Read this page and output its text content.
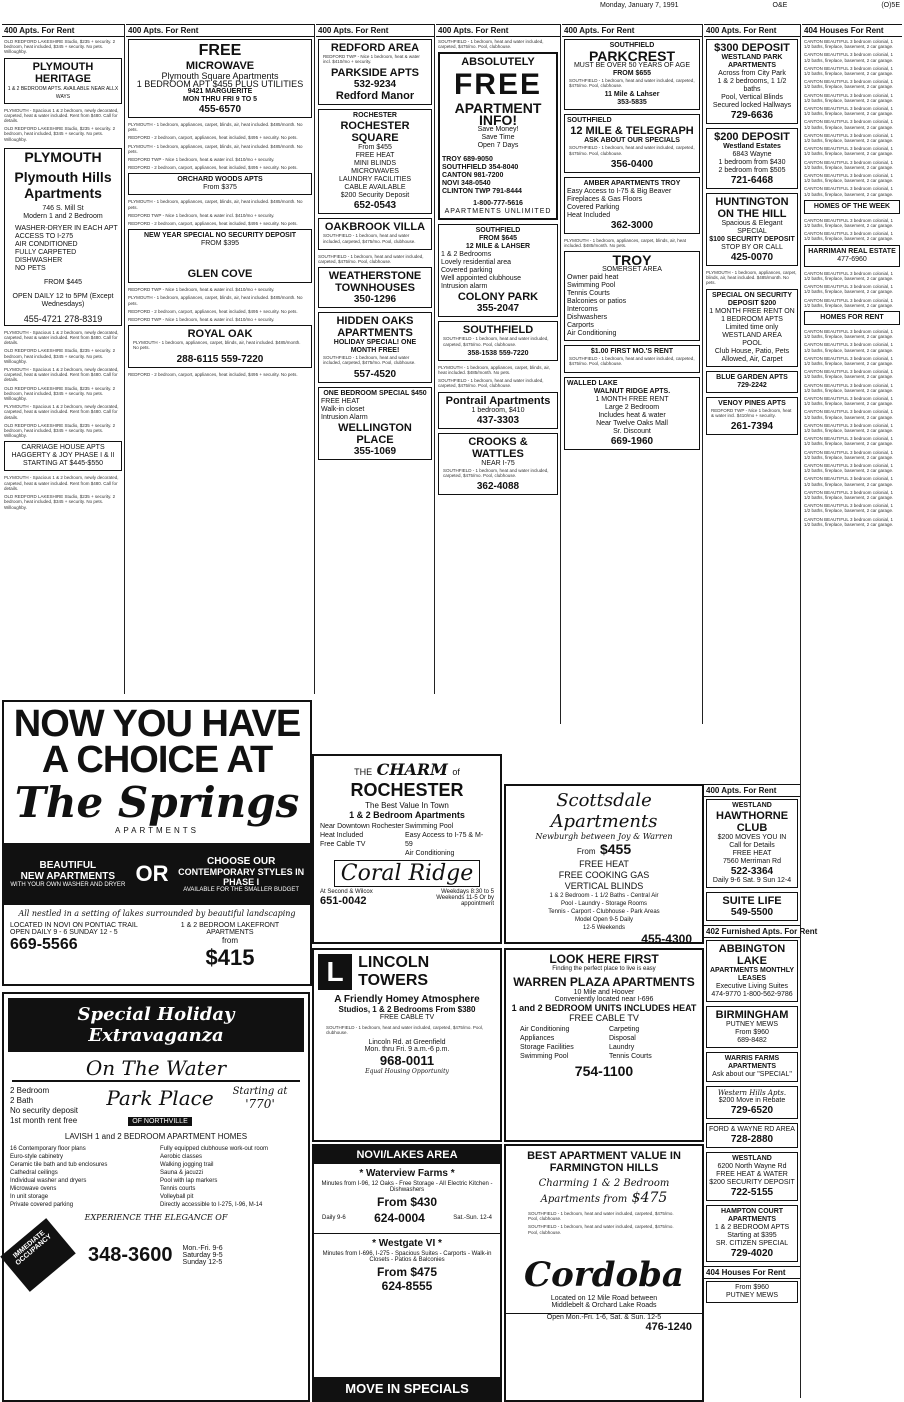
Monday, January 7, 1991	O&E	(O)5E
400 Apts. For Rent

OLD REDFORD LAKESHIRE Studio, $235 + security. 2 bedroom, heat included, $345 + security. No pets. Willoughby.

PLYMOUTH HERITAGE
1 & 2 BEDROOM APTS. AVAILABLE NEAR ALLX WAYS

PLYMOUTH - Spacious 1 & 2 bedroom, newly decorated, carpeted, heat & water included. Rent from $480. Call for details.

OLD REDFORD LAKESHIRE Studio, $235 + security. 2 bedroom, heat included, $345 + security. No pets. Willoughby.

PLYMOUTH
Plymouth Hills Apartments
746 S. Mill St
Modern 1 and 2 Bedroom
WASHER-DRYER IN EACH APT
ACCESS TO I-275
AIR CONDITIONED
FULLY CARPETED
DISHWASHER
NO PETS
FROM $445
OPEN DAILY 12 to 5PM (Except Wednesdays)
455-4721 278-8319

PLYMOUTH - Spacious 1 & 2 bedroom, newly decorated, carpeted, heat & water included. Rent from $480. Call for details.

OLD REDFORD LAKESHIRE Studio, $235 + security. 2 bedroom, heat included, $345 + security. No pets. Willoughby.

PLYMOUTH - Spacious 1 & 2 bedroom, newly decorated, carpeted, heat & water included. Rent from $480. Call for details.

OLD REDFORD LAKESHIRE Studio, $235 + security. 2 bedroom, heat included, $345 + security. No pets. Willoughby.

PLYMOUTH - Spacious 1 & 2 bedroom, newly decorated, carpeted, heat & water included. Rent from $480. Call for details.

OLD REDFORD LAKESHIRE Studio, $235 + security. 2 bedroom, heat included, $345 + security. No pets. Willoughby.

CARRIAGE HOUSE APTS HAGGERTY & JOY PHASE I & II STARTING AT $445-$550

PLYMOUTH - Spacious 1 & 2 bedroom, newly decorated, carpeted, heat & water included. Rent from $480. Call for details.

OLD REDFORD LAKESHIRE Studio, $235 + security. 2 bedroom, heat included, $345 + security. No pets. Willoughby.

400 Apts. For Rent
FREE
MICROWAVE
Plymouth Square Apartments
1 BEDROOM APT $455 PLUS UTILITIES
9421 MARGUERITE
MON THRU FRI 9 TO 5
455-6570

PLYMOUTH - 1 bedroom, appliances, carpet, blinds, air, heat included. $485/month. No pets.

REDFORD - 2 bedroom, carport, appliances, heat included, $495 + security. No pets.

PLYMOUTH - 1 bedroom, appliances, carpet, blinds, air, heat included. $485/month. No pets.

REDFORD TWP - Nice 1 bedroom, heat & water incl. $410/mo + security.

REDFORD - 2 bedroom, carport, appliances, heat included, $495 + security. No pets.

ORCHARD WOODS APTS
From $375

PLYMOUTH - 1 bedroom, appliances, carpet, blinds, air, heat included. $485/month. No pets.

REDFORD TWP - Nice 1 bedroom, heat & water incl. $410/mo + security.

REDFORD - 2 bedroom, carport, appliances, heat included, $495 + security. No pets.

NEW YEAR SPECIAL NO SECURITY DEPOSIT
FROM $395
GLEN COVE

REDFORD TWP - Nice 1 bedroom, heat & water incl. $410/mo + security.

PLYMOUTH - 1 bedroom, appliances, carpet, blinds, air, heat included. $485/month. No pets.

REDFORD - 2 bedroom, carport, appliances, heat included, $495 + security. No pets.

REDFORD TWP - Nice 1 bedroom, heat & water incl. $410/mo + security.

ROYAL OAK

PLYMOUTH - 1 bedroom, appliances, carpet, blinds, air, heat included. $485/month. No pets.

288-6115 559-7220

REDFORD - 2 bedroom, carport, appliances, heat included, $495 + security. No pets.

400 Apts. For Rent
REDFORD AREA

REDFORD TWP - Nice 1 bedroom, heat & water incl. $410/mo + security.

PARKSIDE APTS
532-9234
Redford Manor
ROCHESTER
ROCHESTER SQUARE
From $455
FREE HEAT
MINI BLINDS
MICROWAVES
LAUNDRY FACILITIES
CABLE AVAILABLE
$200 Security Deposit
652-0543
OAKBROOK VILLA

SOUTHFIELD - 1 bedroom, heat and water included, carpeted, $475/mo. Pool, clubhouse.

SOUTHFIELD - 1 bedroom, heat and water included, carpeted, $475/mo. Pool, clubhouse.

WEATHERSTONE TOWNHOUSES
350-1296
HIDDEN OAKS APARTMENTS
HOLIDAY SPECIAL! ONE MONTH FREE!

SOUTHFIELD - 1 bedroom, heat and water included, carpeted, $475/mo. Pool, clubhouse.

557-4520
ONE BEDROOM SPECIAL $450
FREE HEAT
Walk-in closet
Intrusion Alarm
WELLINGTON PLACE
355-1069
400 Apts. For Rent

SOUTHFIELD - 1 bedroom, heat and water included, carpeted, $475/mo. Pool, clubhouse.

ABSOLUTELY
FREE
APARTMENT
INFO!
Save Money!
Save Time
Open 7 Days
TROY 689-9050
SOUTHFIELD 354-8040
CANTON 981-7200
NOVI 348-0540
CLINTON TWP 791-8444
1-800-777-5616
APARTMENTS UNLIMITED
SOUTHFIELD
FROM $645
12 MILE & LAHSER
1 & 2 Bedrooms
Lovely residential area
Covered parking
Well appointed clubhouse
Intrusion alarm
COLONY PARK
355-2047
SOUTHFIELD

SOUTHFIELD - 1 bedroom, heat and water included, carpeted, $475/mo. Pool, clubhouse.

358-1538 559-7220

PLYMOUTH - 1 bedroom, appliances, carpet, blinds, air, heat included. $485/month. No pets.

SOUTHFIELD - 1 bedroom, heat and water included, carpeted, $475/mo. Pool, clubhouse.

Pontrail Apartments
1 bedroom, $410
437-3303
CROOKS & WATTLES
NEAR I-75

SOUTHFIELD - 1 bedroom, heat and water included, carpeted, $475/mo. Pool, clubhouse.

362-4088
400 Apts. For Rent
SOUTHFIELD
PARKCREST
MUST BE OVER 50 YEARS OF AGE
FROM $655

SOUTHFIELD - 1 bedroom, heat and water included, carpeted, $475/mo. Pool, clubhouse.

11 Mile & Lahser
353-5835
SOUTHFIELD
12 MILE & TELEGRAPH
ASK ABOUT OUR SPECIALS

SOUTHFIELD - 1 bedroom, heat and water included, carpeted, $475/mo. Pool, clubhouse.

356-0400
AMBER APARTMENTS TROY
Easy Access to I-75 & Big Beaver
Fireplaces & Gas Floors
Covered Parking
Heat Included
362-3000

PLYMOUTH - 1 bedroom, appliances, carpet, blinds, air, heat included. $485/month. No pets.

TROY
SOMERSET AREA
Owner paid heat
Swimming Pool
Tennis Courts
Balconies or patios
Intercoms
Dishwashers
Carports
Air Conditioning
$1.00 FIRST MO.'S RENT

SOUTHFIELD - 1 bedroom, heat and water included, carpeted, $475/mo. Pool, clubhouse.

WALLED LAKE
WALNUT RIDGE APTS.
1 MONTH FREE RENT
Large 2 Bedroom
Includes heat & water
Near Twelve Oaks Mall
Sr. Discount
669-1960
400 Apts. For Rent
$300 DEPOSIT
WESTLAND PARK APARTMENTS
Across from City Park
1 & 2 bedrooms, 1 1/2 baths
Pool, Vertical Blinds
Secured locked Hallways
729-6636
$200 DEPOSIT
Westland Estates
6843 Wayne
1 bedroom from $430
2 bedroom from $505
721-6468
HUNTINGTON ON THE HILL
Spacious & Elegant SPECIAL
$100 SECURITY DEPOSIT
STOP BY OR CALL
425-0070

PLYMOUTH - 1 bedroom, appliances, carpet, blinds, air, heat included. $485/month. No pets.

SPECIAL ON SECURITY DEPOSIT $200
1 MONTH FREE RENT ON
1 BEDROOM APTS
Limited time only
WESTLAND AREA
POOL
Club House, Patio, Pets Allowed, Air, Carpet
BLUE GARDEN APTS
729-2242
VENOY PINES APTS

REDFORD TWP - Nice 1 bedroom, heat & water incl. $410/mo + security.

261-7394
404 Houses For Rent

CANTON BEAUTIFUL 3 bedroom colonial, 1 1/2 baths, fireplace, basement, 2 car garage.

CANTON BEAUTIFUL 3 bedroom colonial, 1 1/2 baths, fireplace, basement, 2 car garage.

CANTON BEAUTIFUL 3 bedroom colonial, 1 1/2 baths, fireplace, basement, 2 car garage.

CANTON BEAUTIFUL 3 bedroom colonial, 1 1/2 baths, fireplace, basement, 2 car garage.

CANTON BEAUTIFUL 3 bedroom colonial, 1 1/2 baths, fireplace, basement, 2 car garage.

CANTON BEAUTIFUL 3 bedroom colonial, 1 1/2 baths, fireplace, basement, 2 car garage.

CANTON BEAUTIFUL 3 bedroom colonial, 1 1/2 baths, fireplace, basement, 2 car garage.

CANTON BEAUTIFUL 3 bedroom colonial, 1 1/2 baths, fireplace, basement, 2 car garage.

CANTON BEAUTIFUL 3 bedroom colonial, 1 1/2 baths, fireplace, basement, 2 car garage.

CANTON BEAUTIFUL 3 bedroom colonial, 1 1/2 baths, fireplace, basement, 2 car garage.

CANTON BEAUTIFUL 3 bedroom colonial, 1 1/2 baths, fireplace, basement, 2 car garage.

CANTON BEAUTIFUL 3 bedroom colonial, 1 1/2 baths, fireplace, basement, 2 car garage.

HOMES OF THE WEEK

CANTON BEAUTIFUL 3 bedroom colonial, 1 1/2 baths, fireplace, basement, 2 car garage.

CANTON BEAUTIFUL 3 bedroom colonial, 1 1/2 baths, fireplace, basement, 2 car garage.

HARRIMAN REAL ESTATE
477-6960

CANTON BEAUTIFUL 3 bedroom colonial, 1 1/2 baths, fireplace, basement, 2 car garage.

CANTON BEAUTIFUL 3 bedroom colonial, 1 1/2 baths, fireplace, basement, 2 car garage.

CANTON BEAUTIFUL 3 bedroom colonial, 1 1/2 baths, fireplace, basement, 2 car garage.

HOMES FOR RENT

CANTON BEAUTIFUL 3 bedroom colonial, 1 1/2 baths, fireplace, basement, 2 car garage.

CANTON BEAUTIFUL 3 bedroom colonial, 1 1/2 baths, fireplace, basement, 2 car garage.

CANTON BEAUTIFUL 3 bedroom colonial, 1 1/2 baths, fireplace, basement, 2 car garage.

CANTON BEAUTIFUL 3 bedroom colonial, 1 1/2 baths, fireplace, basement, 2 car garage.

CANTON BEAUTIFUL 3 bedroom colonial, 1 1/2 baths, fireplace, basement, 2 car garage.

CANTON BEAUTIFUL 3 bedroom colonial, 1 1/2 baths, fireplace, basement, 2 car garage.

CANTON BEAUTIFUL 3 bedroom colonial, 1 1/2 baths, fireplace, basement, 2 car garage.

CANTON BEAUTIFUL 3 bedroom colonial, 1 1/2 baths, fireplace, basement, 2 car garage.

CANTON BEAUTIFUL 3 bedroom colonial, 1 1/2 baths, fireplace, basement, 2 car garage.

CANTON BEAUTIFUL 3 bedroom colonial, 1 1/2 baths, fireplace, basement, 2 car garage.

CANTON BEAUTIFUL 3 bedroom colonial, 1 1/2 baths, fireplace, basement, 2 car garage.

CANTON BEAUTIFUL 3 bedroom colonial, 1 1/2 baths, fireplace, basement, 2 car garage.

CANTON BEAUTIFUL 3 bedroom colonial, 1 1/2 baths, fireplace, basement, 2 car garage.

CANTON BEAUTIFUL 3 bedroom colonial, 1 1/2 baths, fireplace, basement, 2 car garage.

CANTON BEAUTIFUL 3 bedroom colonial, 1 1/2 baths, fireplace, basement, 2 car garage.

NOW YOU HAVE A CHOICE AT
The Springs
APARTMENTS
BEAUTIFUL
NEW APARTMENTS
WITH YOUR OWN WASHER AND DRYER OR	CHOOSE OUR
CONTEMPORARY STYLES IN PHASE I
AVAILABLE FOR THE SMALLER BUDGET
All nestled in a setting of lakes surrounded by beautiful landscaping
LOCATED IN NOVI ON PONTIAC TRAIL
OPEN DAILY 9 - 6 SUNDAY 12 - 5
669-5566
1 & 2 BEDROOM LAKEFRONT APARTMENTS
from
$415
Special Holiday
Extravaganza
On The Water
2 Bedroom
2 Bath
No security deposit
1st month rent free
Park Place
OF NORTHVILLE
Starting at
'770'
LAVISH 1 and 2 BEDROOM APARTMENT HOMES
16 Contemporary floor plans
Euro-style cabinetry
Ceramic tile bath and tub enclosures
Cathedral ceilings
Individual washer and dryers
Microwave ovens
In unit storage
Private covered parking
Fully equipped clubhouse work-out room
Aerobic classes
Walking jogging trail
Sauna & jacuzzi
Pool with lap markers
Tennis courts
Volleyball pit
Directly accessible to I-275, I-96, M-14
EXPERIENCE THE ELEGANCE OF
IMMEDIATE OCCUPANCY	348-3600 Mon.-Fri. 9-6
Saturday 9-5
Sunday 12-5
THE CHARM of
ROCHESTER
The Best Value In Town
1 & 2 Bedroom Apartments
Near Downtown Rochester
Heat Included
Free Cable TV
Swimming Pool
Easy Access to I-75 & M-59
Air Conditioning
Coral Ridge
At Second & Wilcox
651-0042
Weekdays 8:30 to 5 Weekends 11-5 Or by appointment
Scottsdale Apartments
Newburgh between Joy & Warren
From $455
FREE HEAT
FREE COOKING GAS
VERTICAL BLINDS
1 & 2 Bedroom - 1 1/2 Baths - Central Air
Pool - Laundry - Storage Rooms
Tennis - Carport - Clubhouse - Park Areas
Model Open 9-5 Daily
12-5 Weekends
455-4300
L LINCOLN TOWERS
A Friendly Homey Atmosphere
Studios, 1 & 2 Bedrooms From $380
FREE CABLE TV

SOUTHFIELD - 1 bedroom, heat and water included, carpeted, $475/mo. Pool, clubhouse.

Lincoln Rd. at Greenfield
Mon. thru Fri. 9 a.m.-6 p.m.
968-0011
Equal Housing Opportunity
LOOK HERE FIRST
Finding the perfect place to live is easy
WARREN PLAZA APARTMENTS
10 Mile and Hoover
Conveniently located near I-696
1 and 2 BEDROOM UNITS INCLUDES HEAT
FREE CABLE TV
Air Conditioning
Appliances
Storage Facilities
Swimming Pool
Carpeting
Disposal
Laundry
Tennis Courts
754-1100
NOVI/LAKES AREA
* Waterview Farms *
Minutes from I-96, 12 Oaks - Free Storage - All Electric Kitchen - Dishwashers
From $430
Daily 9-6 624-0004	Sat.-Sun. 12-4
* Westgate VI *
Minutes from I-696, I-275 - Spacious Suites - Carports - Walk-in Closets - Patios & Balconies
From $475
624-8555
MOVE IN SPECIALS
BEST APARTMENT VALUE IN FARMINGTON HILLS
Charming 1 & 2 Bedroom
Apartments from $475

SOUTHFIELD - 1 bedroom, heat and water included, carpeted, $475/mo. Pool, clubhouse.

SOUTHFIELD - 1 bedroom, heat and water included, carpeted, $475/mo. Pool, clubhouse.

Cordoba
Located on 12 Mile Road between
Middlebelt & Orchard Lake Roads
Open Mon.-Fri. 1-6, Sat. & Sun. 12-5
476-1240
400 Apts. For Rent
WESTLAND
HAWTHORNE CLUB
$200 MOVES YOU IN
Call for Details
FREE HEAT
7560 Merriman Rd
522-3364
Daily 9-6 Sat. 9 Sun 12-4
SUITE LIFE
549-5500
402 Furnished Apts. For Rent
ABBINGTON LAKE
APARTMENTS MONTHLY LEASES
Executive Living Suites
474-9770 1-800-562-9786
BIRMINGHAM
PUTNEY MEWS
From $960
689-8482
WARRIS FARMS APARTMENTS
Ask about our "SPECIAL"
Western Hills Apts.
$200 Move in Rebate
729-6520
FORD & WAYNE RD AREA
728-2880
WESTLAND
6200 North Wayne Rd
FREE HEAT & WATER
$200 SECURITY DEPOSIT
722-5155
HAMPTON COURT APARTMENTS
1 & 2 BEDROOM APTS
Starting at $395
SR. CITIZEN SPECIAL
729-4020
404 Houses For Rent
From $960
PUTNEY MEWS
